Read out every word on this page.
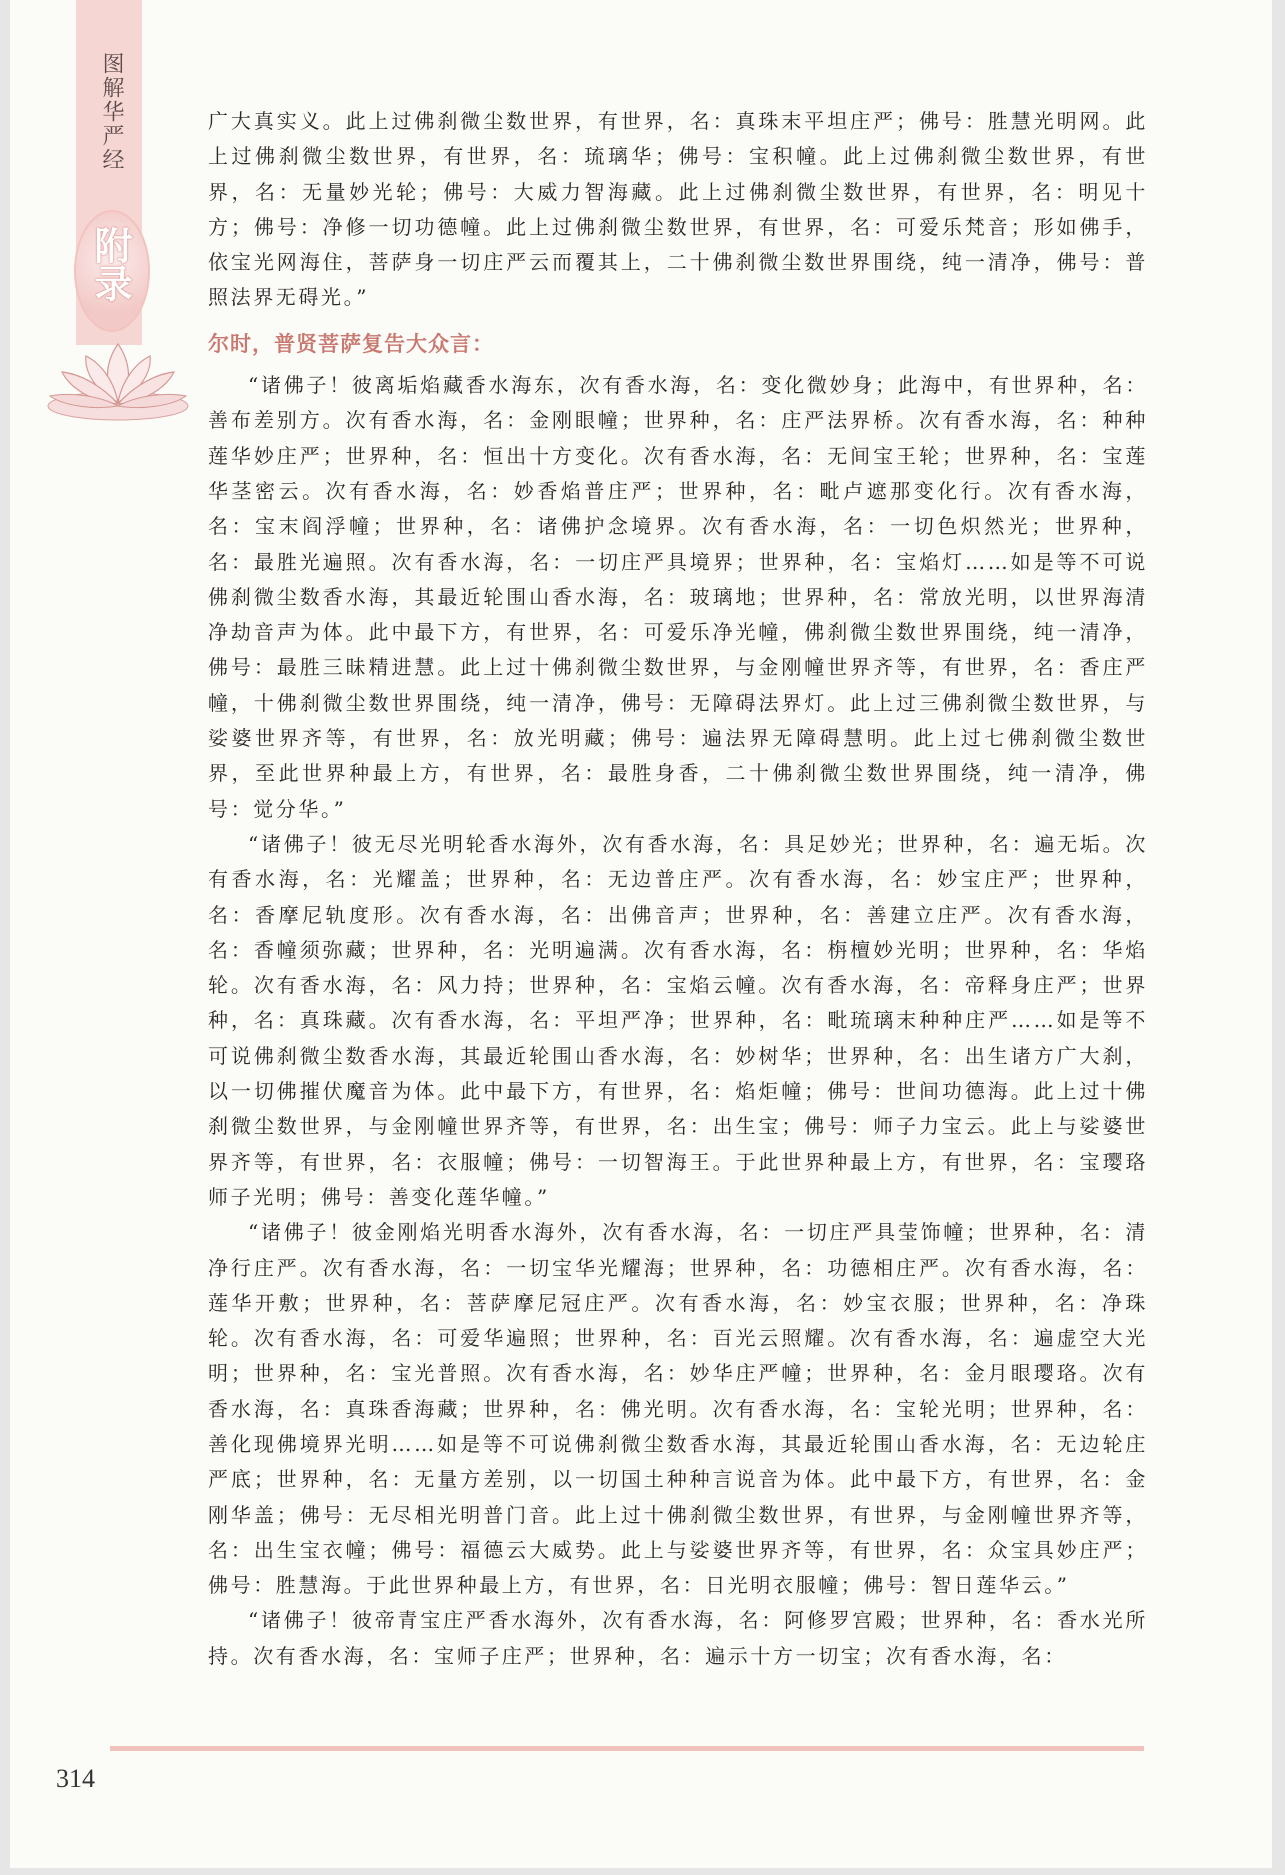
图解华严经
附录

广大真实义。此上过佛刹微尘数世界，有世界，名：真珠末平坦庄严；佛号：胜慧光明网。此上过佛刹微尘数世界，有世界，名：琉璃华；佛号：宝积幢。此上过佛刹微尘数世界，有世界，名：无量妙光轮；佛号：大威力智海藏。此上过佛刹微尘数世界，有世界，名：明见十方；佛号：净修一切功德幢。此上过佛刹微尘数世界，有世界，名：可爱乐梵音；形如佛手，依宝光网海住，菩萨身一切庄严云而覆其上，二十佛刹微尘数世界围绕，纯一清净，佛号：普照法界无碍光。”

尔时，普贤菩萨复告大众言：

“诸佛子！彼离垢焰藏香水海东，次有香水海，名：变化微妙身；此海中，有世界种，名：善布差别方。次有香水海，名：金刚眼幢；世界种，名：庄严法界桥。次有香水海，名：种种莲华妙庄严；世界种，名：恒出十方变化。次有香水海，名：无间宝王轮；世界种，名：宝莲华茎密云。次有香水海，名：妙香焰普庄严；世界种，名：毗卢遮那变化行。次有香水海，名：宝末阎浮幢；世界种，名：诸佛护念境界。次有香水海，名：一切色炽然光；世界种，名：最胜光遍照。次有香水海，名：一切庄严具境界；世界种，名：宝焰灯……如是等不可说佛刹微尘数香水海，其最近轮围山香水海，名：玻璃地；世界种，名：常放光明，以世界海清净劫音声为体。此中最下方，有世界，名：可爱乐净光幢，佛刹微尘数世界围绕，纯一清净，佛号：最胜三昧精进慧。此上过十佛刹微尘数世界，与金刚幢世界齐等，有世界，名：香庄严幢，十佛刹微尘数世界围绕，纯一清净，佛号：无障碍法界灯。此上过三佛刹微尘数世界，与娑婆世界齐等，有世界，名：放光明藏；佛号：遍法界无障碍慧明。此上过七佛刹微尘数世界，至此世界种最上方，有世界，名：最胜身香，二十佛刹微尘数世界围绕，纯一清净，佛号：觉分华。”

“诸佛子！彼无尽光明轮香水海外，次有香水海，名：具足妙光；世界种，名：遍无垢。次有香水海，名：光耀盖；世界种，名：无边普庄严。次有香水海，名：妙宝庄严；世界种，名：香摩尼轨度形。次有香水海，名：出佛音声；世界种，名：善建立庄严。次有香水海，名：香幢须弥藏；世界种，名：光明遍满。次有香水海，名：栴檀妙光明；世界种，名：华焰轮。次有香水海，名：风力持；世界种，名：宝焰云幢。次有香水海，名：帝释身庄严；世界种，名：真珠藏。次有香水海，名：平坦严净；世界种，名：毗琉璃末种种庄严……如是等不可说佛刹微尘数香水海，其最近轮围山香水海，名：妙树华；世界种，名：出生诸方广大刹，以一切佛摧伏魔音为体。此中最下方，有世界，名：焰炬幢；佛号：世间功德海。此上过十佛刹微尘数世界，与金刚幢世界齐等，有世界，名：出生宝；佛号：师子力宝云。此上与娑婆世界齐等，有世界，名：衣服幢；佛号：一切智海王。于此世界种最上方，有世界，名：宝璎珞师子光明；佛号：善变化莲华幢。”

“诸佛子！彼金刚焰光明香水海外，次有香水海，名：一切庄严具莹饰幢；世界种，名：清净行庄严。次有香水海，名：一切宝华光耀海；世界种，名：功德相庄严。次有香水海，名：莲华开敷；世界种，名：菩萨摩尼冠庄严。次有香水海，名：妙宝衣服；世界种，名：净珠轮。次有香水海，名：可爱华遍照；世界种，名：百光云照耀。次有香水海，名：遍虚空大光明；世界种，名：宝光普照。次有香水海，名：妙华庄严幢；世界种，名：金月眼璎珞。次有香水海，名：真珠香海藏；世界种，名：佛光明。次有香水海，名：宝轮光明；世界种，名：善化现佛境界光明……如是等不可说佛刹微尘数香水海，其最近轮围山香水海，名：无边轮庄严底；世界种，名：无量方差别，以一切国土种种言说音为体。此中最下方，有世界，名：金刚华盖；佛号：无尽相光明普门音。此上过十佛刹微尘数世界，有世界，与金刚幢世界齐等，名：出生宝衣幢；佛号：福德云大威势。此上与娑婆世界齐等，有世界，名：众宝具妙庄严；佛号：胜慧海。于此世界种最上方，有世界，名：日光明衣服幢；佛号：智日莲华云。”

“诸佛子！彼帝青宝庄严香水海外，次有香水海，名：阿修罗宫殿；世界种，名：香水光所持。次有香水海，名：宝师子庄严；世界种，名：遍示十方一切宝；次有香水海，名：

314
